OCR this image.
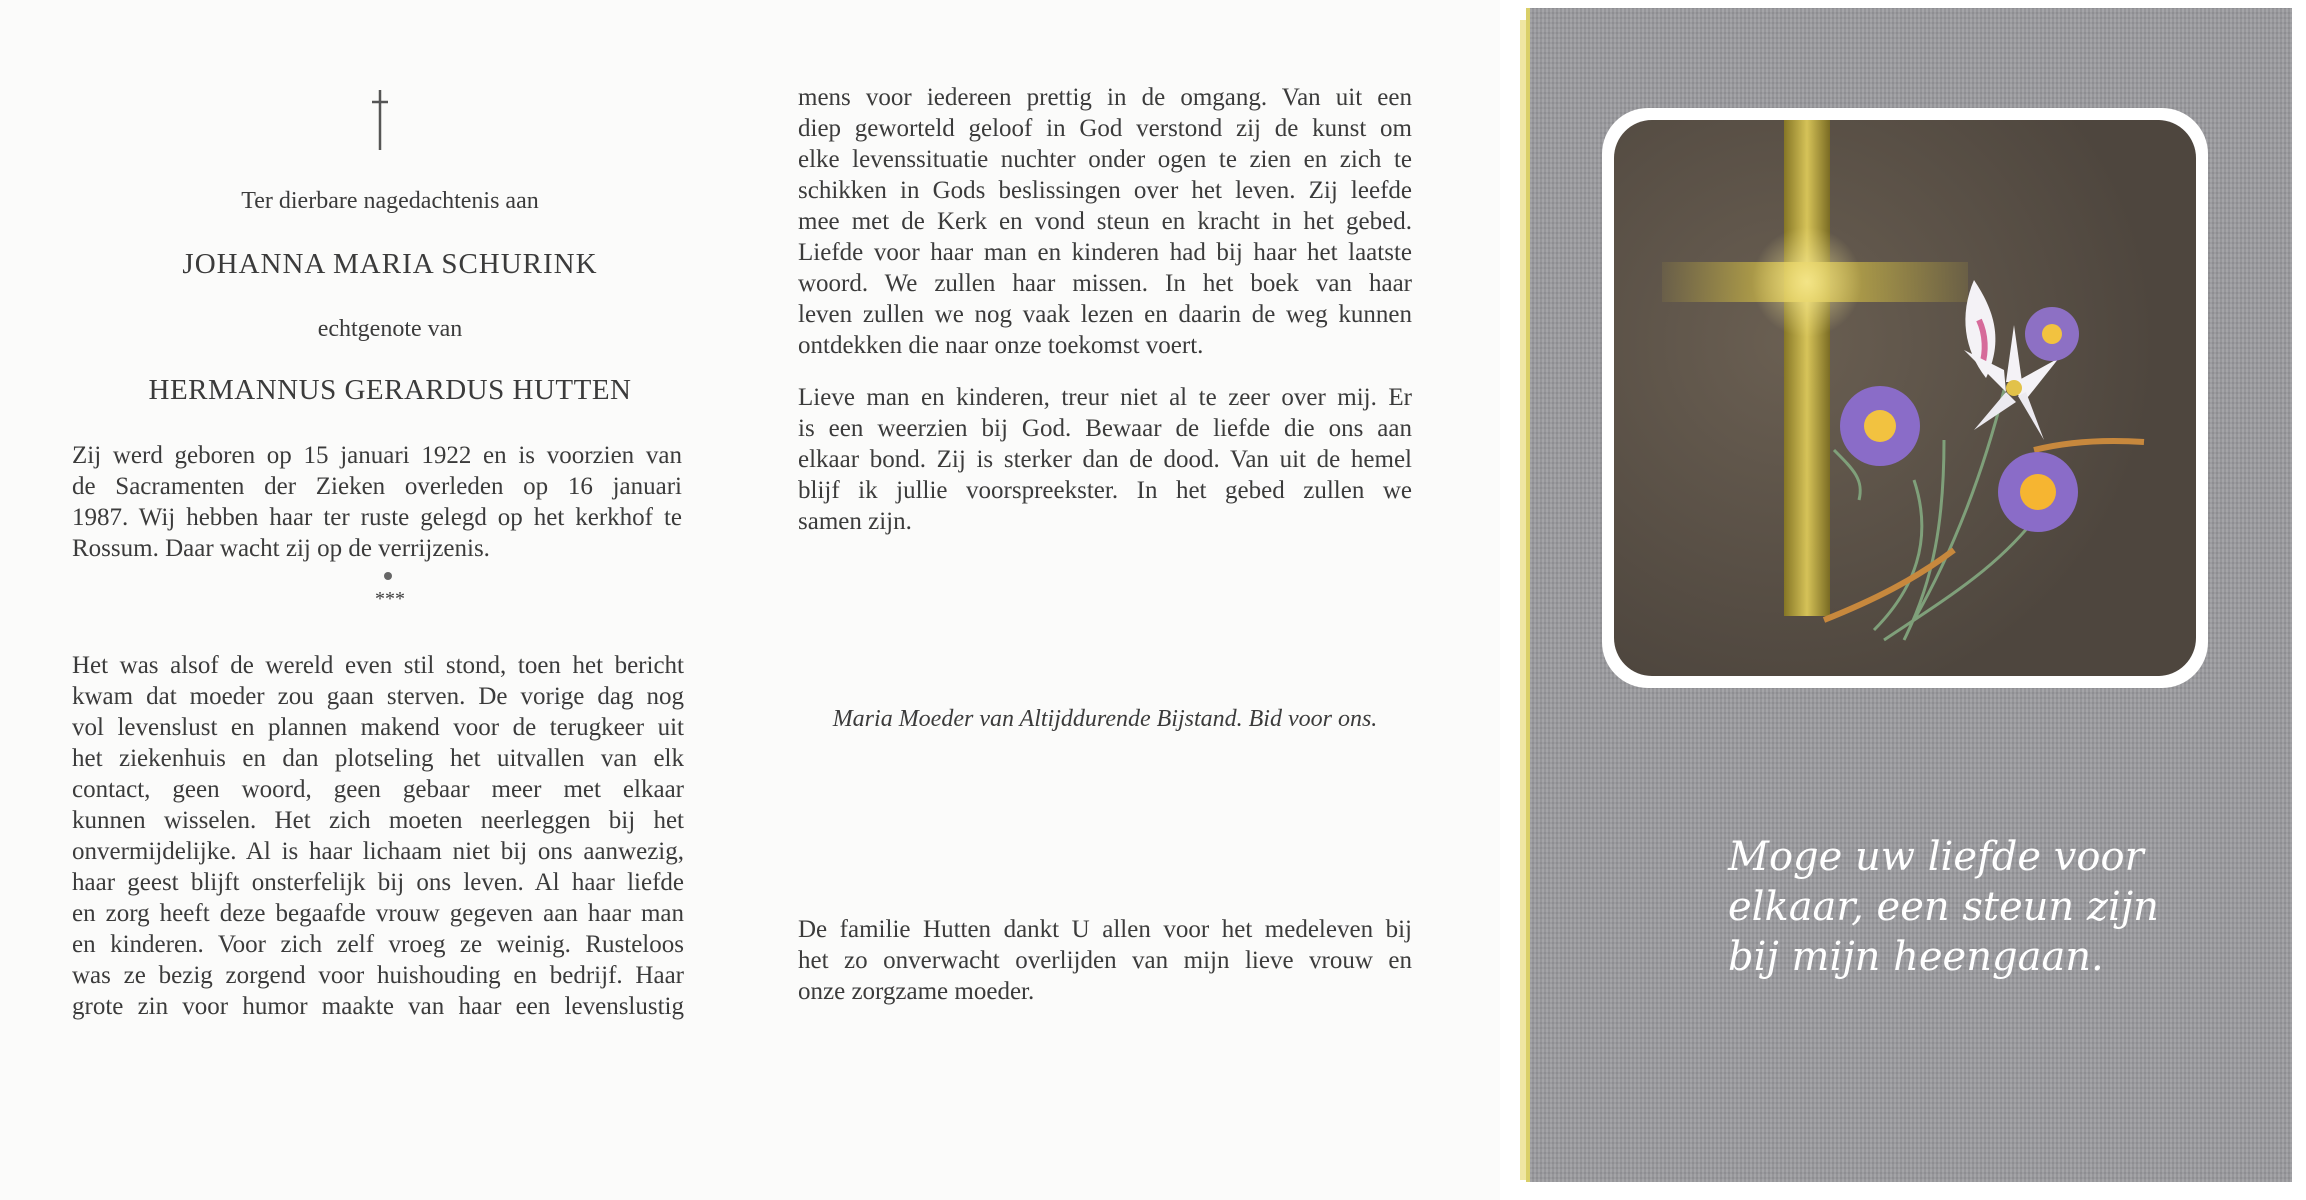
Ter dierbare nagedachtenis aan
JOHANNA MARIA SCHURINK
echtgenote van
HERMANNUS GERARDUS HUTTEN
Zij werd geboren op 15 januari 1922 en is voorzien van
de Sacramenten der Zieken overleden op 16 januari
1987. Wij hebben haar ter ruste gelegd op het kerkhof te
Rossum. Daar wacht zij op de verrijzenis.
***
Het was alsof de wereld even stil stond, toen het bericht
kwam dat moeder zou gaan sterven. De vorige dag nog
vol levenslust en plannen makend voor de terugkeer uit
het ziekenhuis en dan plotseling het uitvallen van elk
contact, geen woord, geen gebaar meer met elkaar
kunnen wisselen. Het zich moeten neerleggen bij het
onvermijdelijke. Al is haar lichaam niet bij ons aanwezig,
haar geest blijft onsterfelijk bij ons leven. Al haar liefde
en zorg heeft deze begaafde vrouw gegeven aan haar man
en kinderen. Voor zich zelf vroeg ze weinig. Rusteloos
was ze bezig zorgend voor huishouding en bedrijf. Haar
grote zin voor humor maakte van haar een levenslustig
mens voor iedereen prettig in de omgang. Van uit een
diep geworteld geloof in God verstond zij de kunst om
elke levenssituatie nuchter onder ogen te zien en zich te
schikken in Gods beslissingen over het leven. Zij leefde
mee met de Kerk en vond steun en kracht in het gebed.
Liefde voor haar man en kinderen had bij haar het laatste
woord. We zullen haar missen. In het boek van haar
leven zullen we nog vaak lezen en daarin de weg kunnen
ontdekken die naar onze toekomst voert.
Lieve man en kinderen, treur niet al te zeer over mij. Er
is een weerzien bij God. Bewaar de liefde die ons aan
elkaar bond. Zij is sterker dan de dood. Van uit de hemel
blijf ik jullie voorspreekster. In het gebed zullen we
samen zijn.
Maria Moeder van Altijddurende Bijstand. Bid voor ons.
De familie Hutten dankt U allen voor het medeleven bij
het zo onverwacht overlijden van mijn lieve vrouw en
onze zorgzame moeder.
Moge uw liefde voor
elkaar, een steun zijn
bij mijn heengaan.
